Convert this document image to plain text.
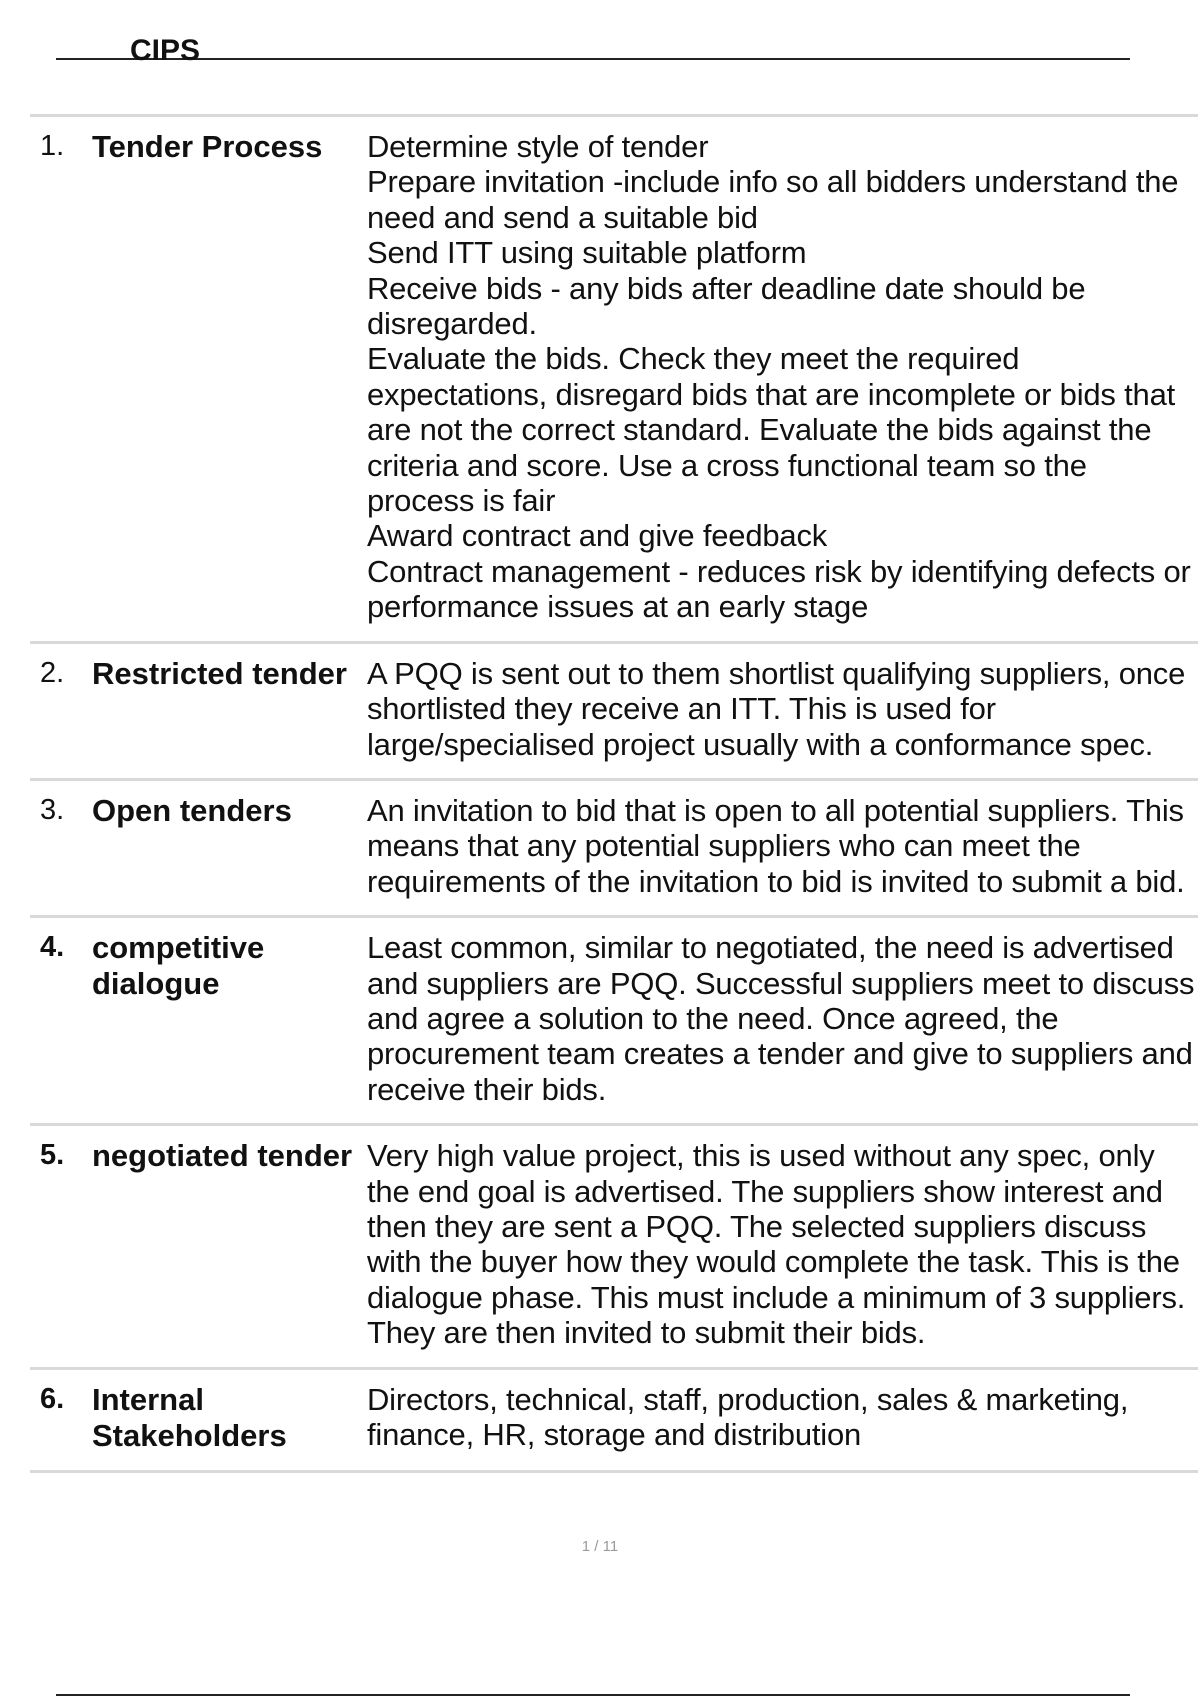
CIPS
1. Tender Process	Determine style of tender
Prepare invitation -include info so all bidders understand the need and send a suitable bid
Send ITT using suitable platform
Receive bids - any bids after deadline date should be disregarded.
Evaluate the bids. Check they meet the required expectations, disregard bids that are incomplete or bids that are not the correct standard. Evaluate the bids against the criteria and score. Use a cross functional team so the process is fair
Award contract and give feedback
Contract management - reduces risk by identifying defects or performance issues at an early stage
2. Restricted tender A PQQ is sent out to them shortlist qualifying suppliers, once shortlisted they receive an ITT. This is used for large/specialised project usually with a conformance spec.
3. Open tenders	An invitation to bid that is open to all potential suppliers. This means that any potential suppliers who can meet the requirements of the invitation to bid is invited to submit a bid.
4. competitive dialogue
Least common, similar to negotiated, the need is advertised and suppliers are PQQ. Successful suppliers meet to discuss and agree a solution to the need. Once agreed, the procurement team creates a tender and give to suppliers and receive their bids.
5. negotiated tender Very high value project, this is used without any spec, only the end goal is advertised. The suppliers show interest and then they are sent a PQQ. The selected suppliers discuss with the buyer how they would complete the task. This is the dialogue phase. This must include a minimum of 3 suppliers. They are then invited to submit their bids.
6. Internal Stakeholders
Directors, technical, staff, production, sales & marketing, finance, HR, storage and distribution
1 / 11
